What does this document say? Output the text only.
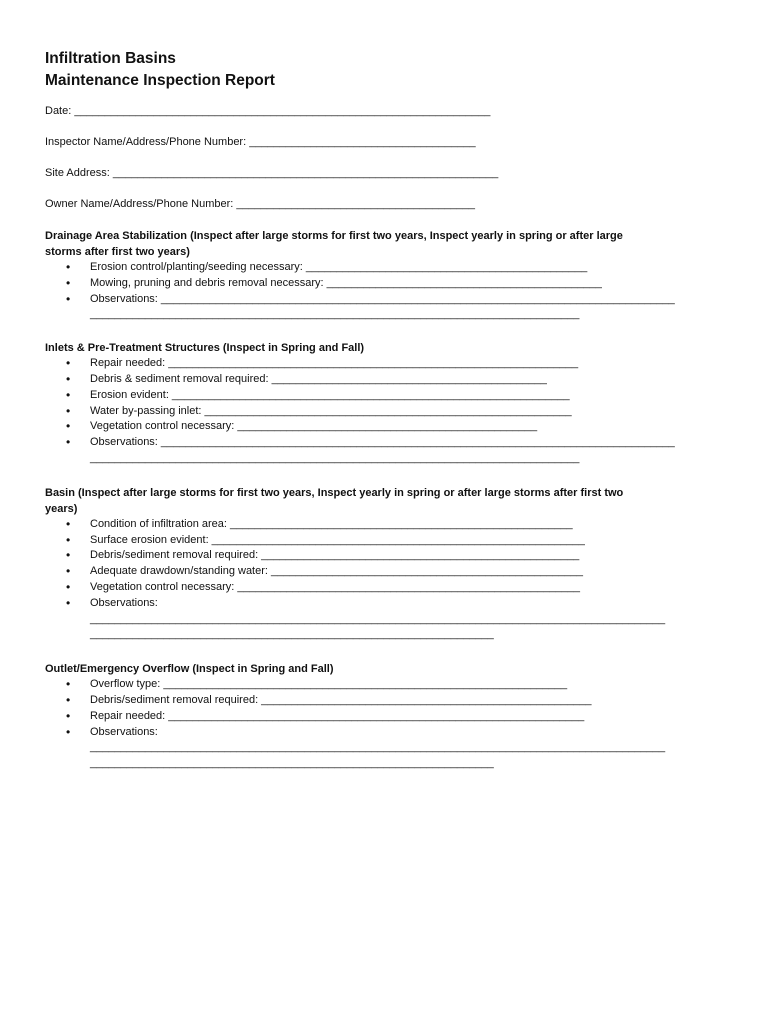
Infiltration Basins
Maintenance Inspection Report
Date: ____________________________________________________________________
Inspector Name/Address/Phone Number: _____________________________________
Site Address: _______________________________________________________________
Owner Name/Address/Phone Number: _______________________________________
Drainage Area Stabilization (Inspect after large storms for first two years, Inspect yearly in spring or after large storms after first two years)
• Erosion control/planting/seeding necessary: ______________________________________________
• Mowing, pruning and debris removal necessary: _____________________________________________
• Observations: ____________________________________________________________________________________
________________________________________________________________________________
Inlets & Pre-Treatment Structures (Inspect in Spring and Fall)
• Repair needed: ___________________________________________________________________
• Debris & sediment removal required: _____________________________________________
• Erosion evident: _________________________________________________________________
• Water by-passing inlet: ____________________________________________________________
• Vegetation control necessary: _________________________________________________
• Observations: ____________________________________________________________________________________
________________________________________________________________________________
Basin (Inspect after large storms for first two years, Inspect yearly in spring or after large storms after first two years)
• Condition of infiltration area: ________________________________________________________
• Surface erosion evident: _____________________________________________________________
• Debris/sediment removal required: ____________________________________________________
• Adequate drawdown/standing water: ___________________________________________________
• Vegetation control necessary: ________________________________________________________
• Observations:
______________________________________________________________________________________________
__________________________________________________________________
Outlet/Emergency Overflow (Inspect in Spring and Fall)
• Overflow type: __________________________________________________________________
• Debris/sediment removal required: ______________________________________________________
• Repair needed: ____________________________________________________________________
• Observations:
______________________________________________________________________________________________
__________________________________________________________________
